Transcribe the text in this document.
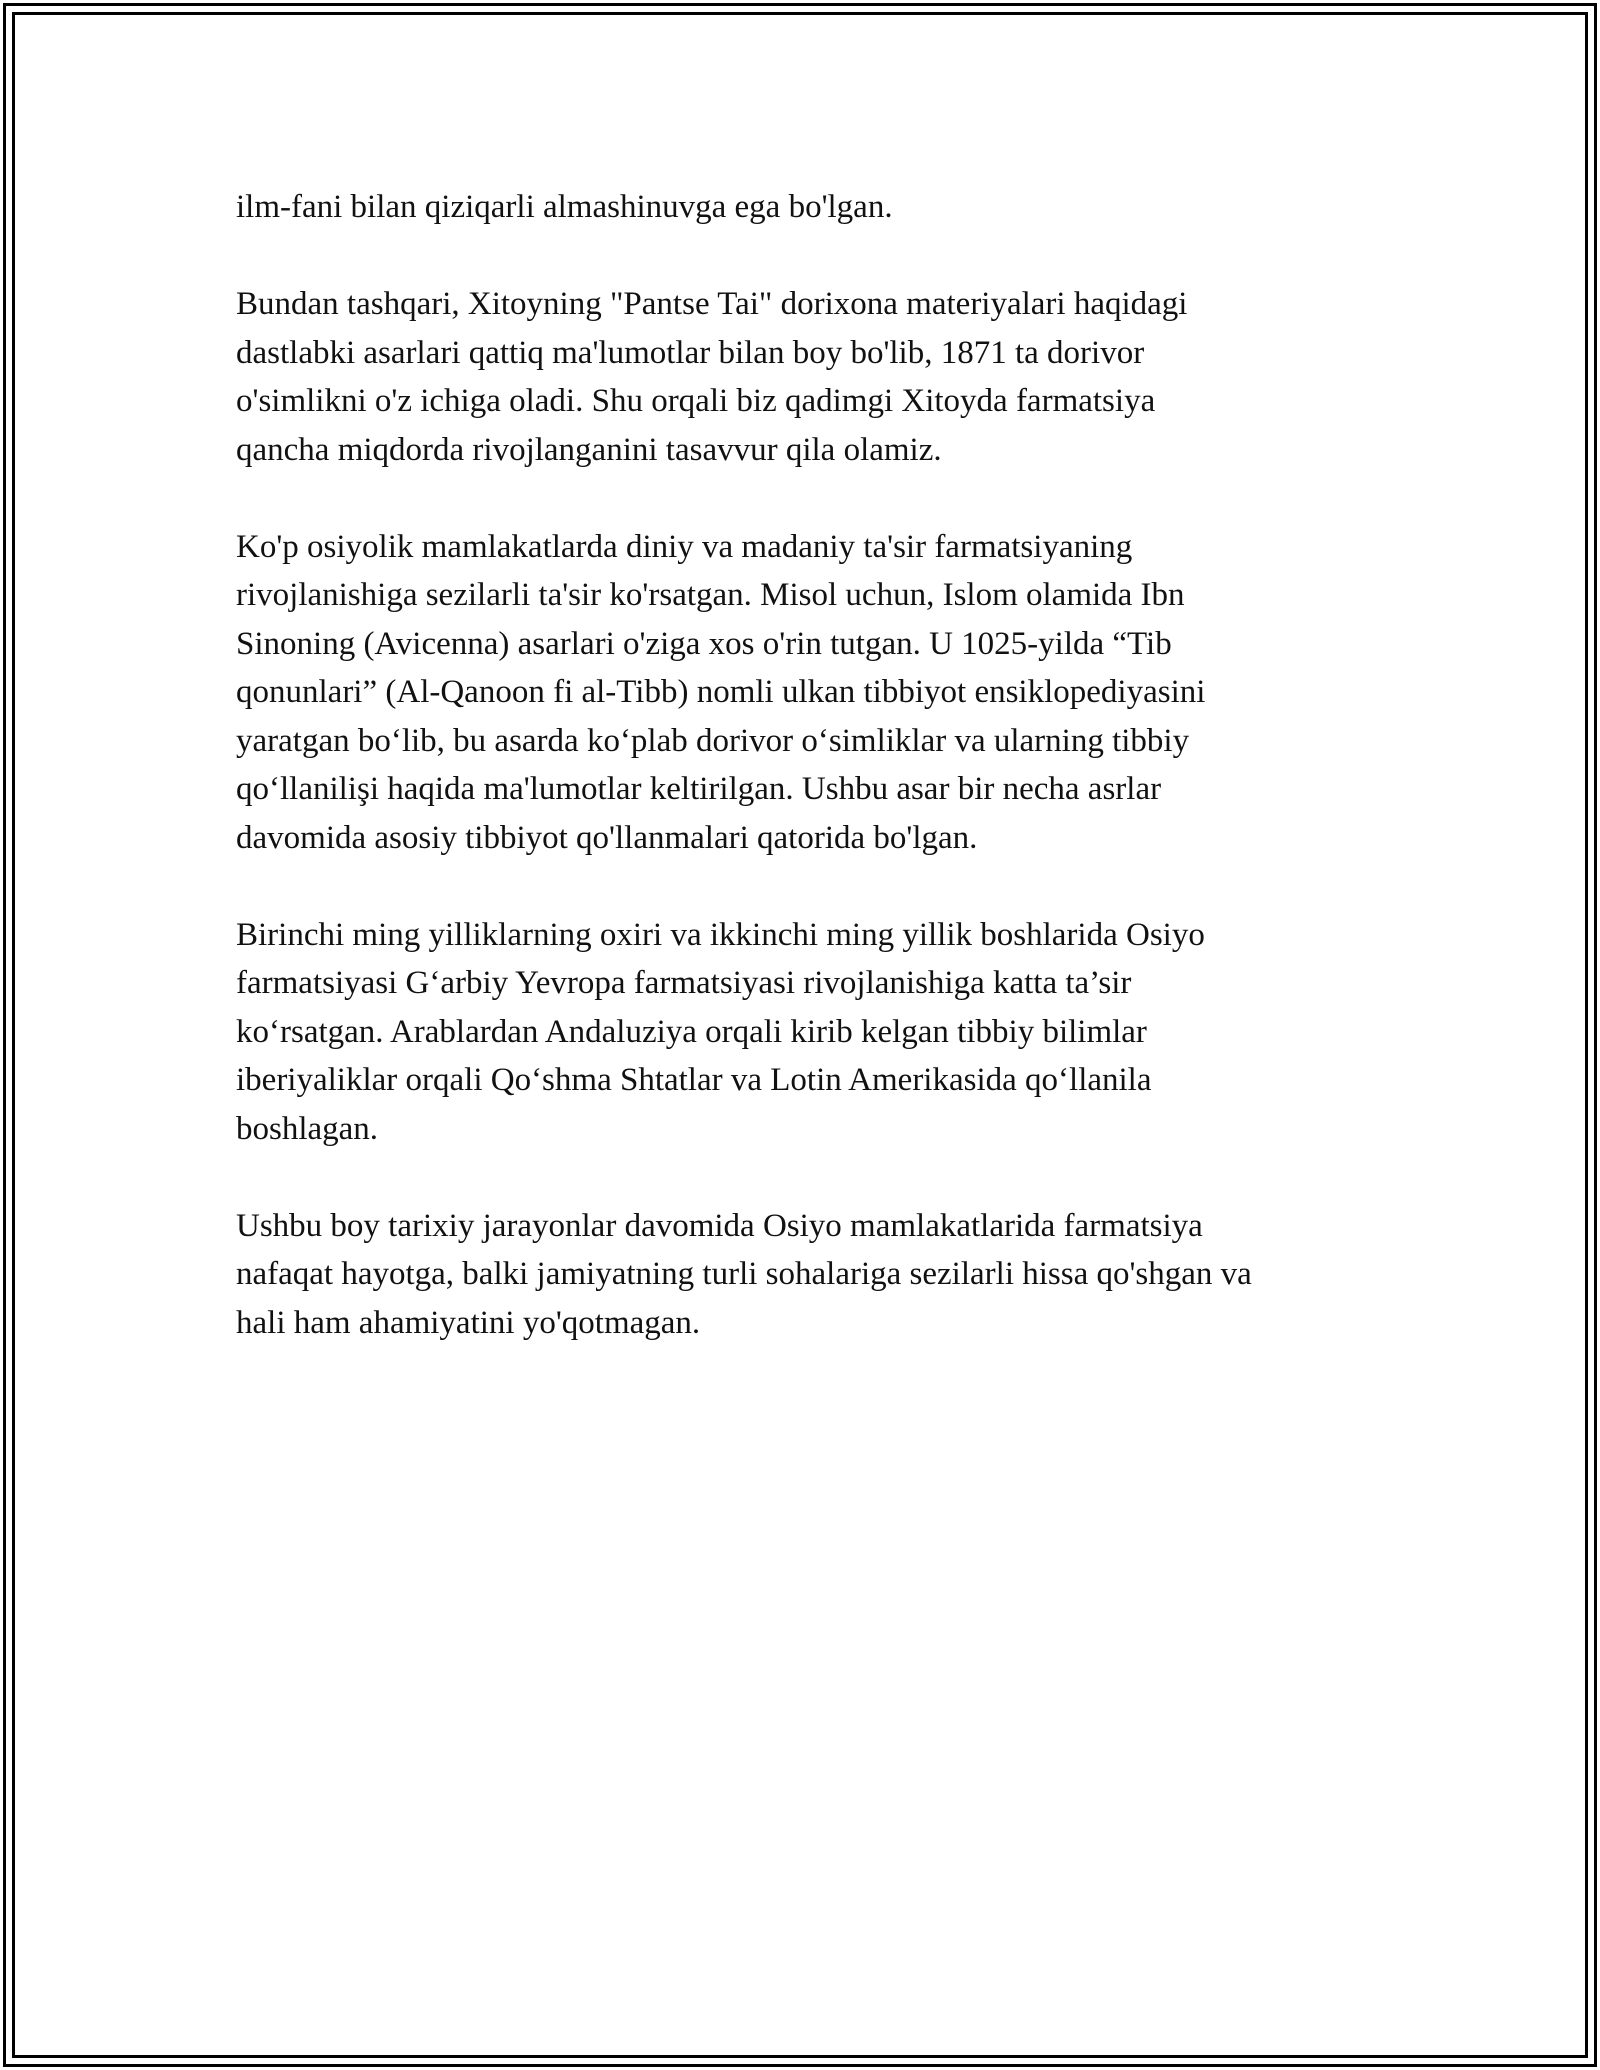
ilm-fani bilan qiziqarli almashinuvga ega bo'lgan.

Bundan tashqari, Xitoyning "Pantse Tai" dorixona materiyalari haqidagi
dastlabki asarlari qattiq ma'lumotlar bilan boy bo'lib, 1871 ta dorivor
o'simlikni o'z ichiga oladi. Shu orqali biz qadimgi Xitoyda farmatsiya
qancha miqdorda rivojlanganini tasavvur qila olamiz.

Ko'p osiyolik mamlakatlarda diniy va madaniy ta'sir farmatsiyaning
rivojlanishiga sezilarli ta'sir ko'rsatgan. Misol uchun, Islom olamida Ibn
Sinoning (Avicenna) asarlari o'ziga xos o'rin tutgan. U 1025-yilda “Tib
qonunlari” (Al-Qanoon fi al-Tibb) nomli ulkan tibbiyot ensiklopediyasini
yaratgan bo‘lib, bu asarda ko‘plab dorivor o‘simliklar va ularning tibbiy
qo‘llanilişi haqida ma'lumotlar keltirilgan. Ushbu asar bir necha asrlar
davomida asosiy tibbiyot qo'llanmalari qatorida bo'lgan.

Birinchi ming yilliklarning oxiri va ikkinchi ming yillik boshlarida Osiyo
farmatsiyasi G‘arbiy Yevropa farmatsiyasi rivojlanishiga katta ta’sir
ko‘rsatgan. Arablardan Andaluziya orqali kirib kelgan tibbiy bilimlar
iberiyaliklar orqali Qo‘shma Shtatlar va Lotin Amerikasida qo‘llanila
boshlagan.

Ushbu boy tarixiy jarayonlar davomida Osiyo mamlakatlarida farmatsiya
nafaqat hayotga, balki jamiyatning turli sohalariga sezilarli hissa qo'shgan va
hali ham ahamiyatini yo'qotmagan.
